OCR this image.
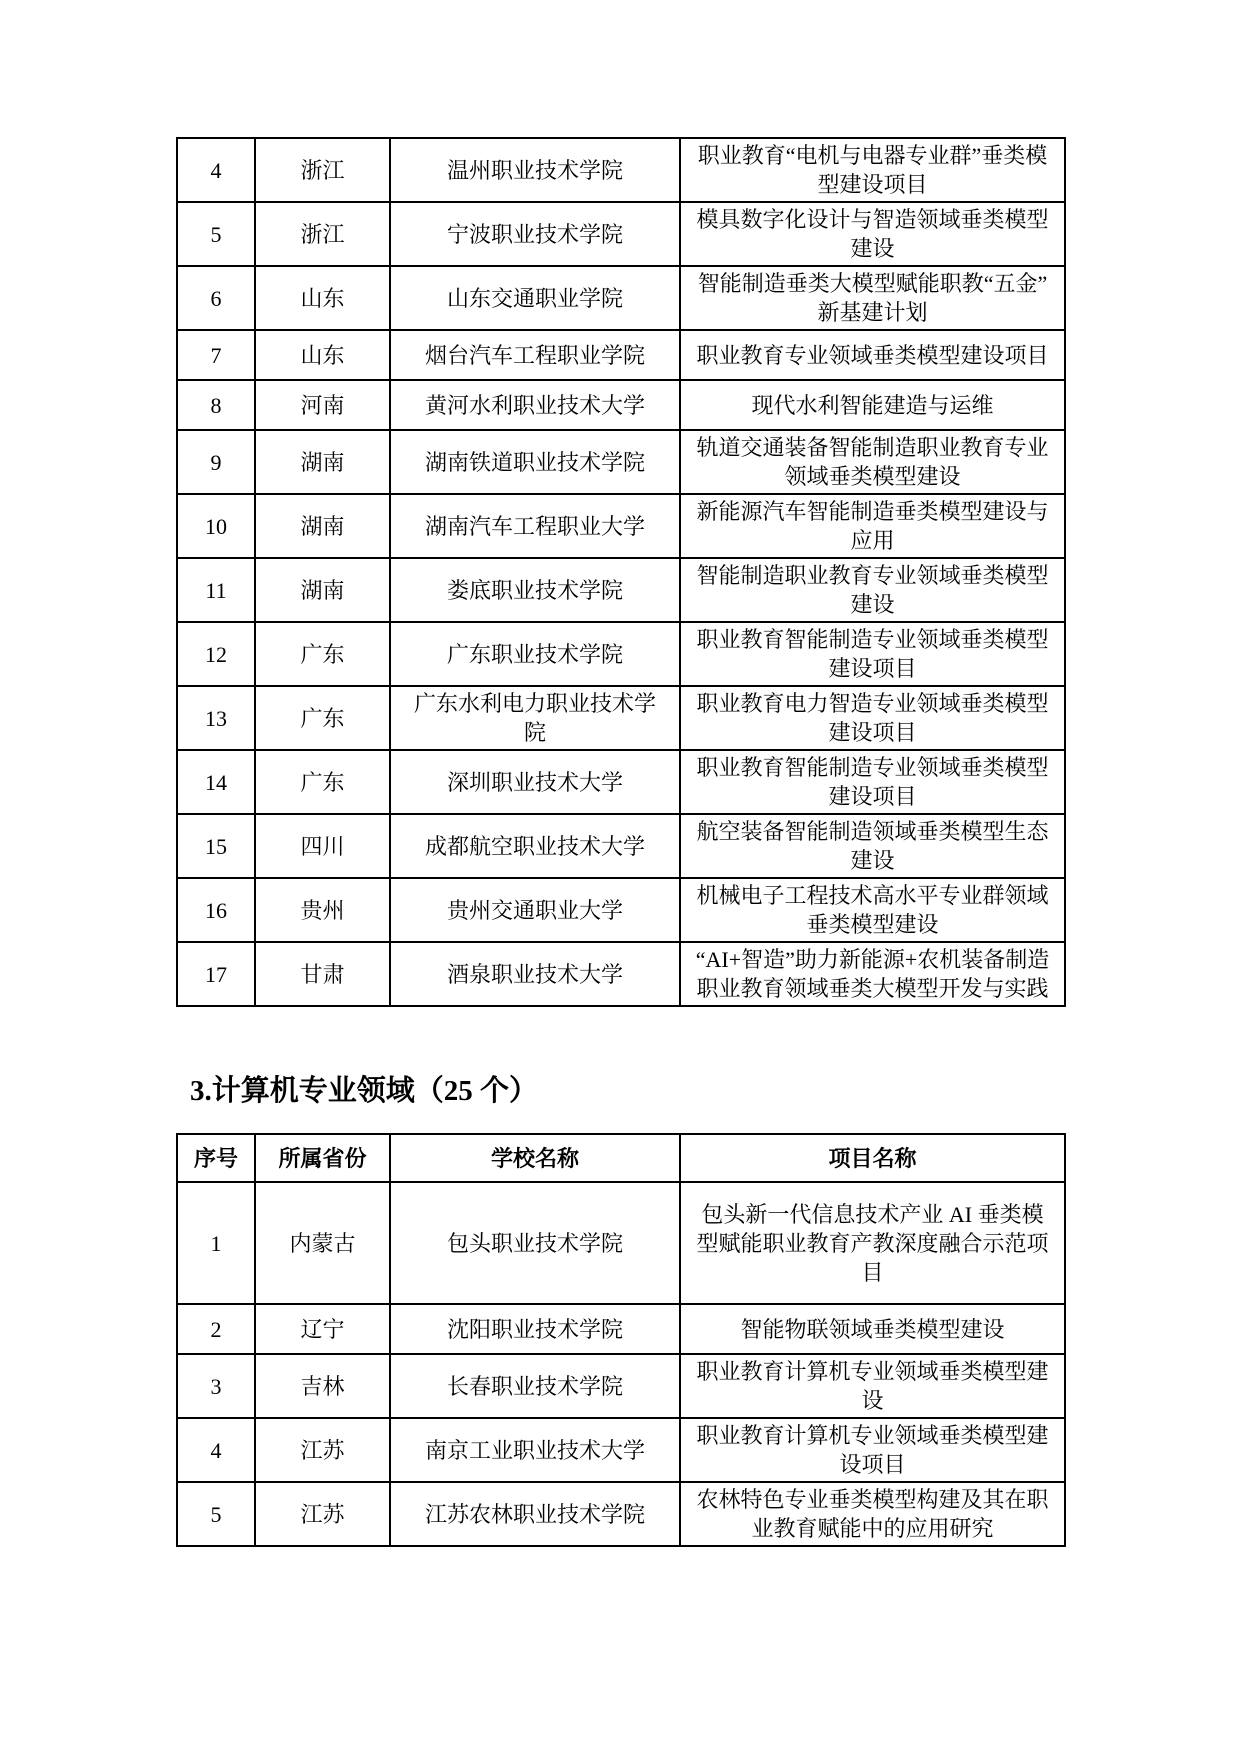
4	浙江	温州职业技术学院	职业教育“电机与电器专业群”垂类模型建设项目
5	浙江	宁波职业技术学院	模具数字化设计与智造领域垂类模型建设
6	山东	山东交通职业学院	智能制造垂类大模型赋能职教“五金”新基建计划
7	山东	烟台汽车工程职业学院	职业教育专业领域垂类模型建设项目
8	河南	黄河水利职业技术大学	现代水利智能建造与运维
9	湖南	湖南铁道职业技术学院	轨道交通装备智能制造职业教育专业领域垂类模型建设
10	湖南	湖南汽车工程职业大学	新能源汽车智能制造垂类模型建设与应用
11	湖南	娄底职业技术学院	智能制造职业教育专业领域垂类模型建设
12	广东	广东职业技术学院	职业教育智能制造专业领域垂类模型建设项目
13	广东	广东水利电力职业技术学院	职业教育电力智造专业领域垂类模型建设项目
14	广东	深圳职业技术大学	职业教育智能制造专业领域垂类模型建设项目
15	四川	成都航空职业技术大学	航空装备智能制造领域垂类模型生态建设
16	贵州	贵州交通职业大学	机械电子工程技术高水平专业群领域垂类模型建设
17	甘肃	酒泉职业技术大学	“AI+智造”助力新能源+农机装备制造职业教育领域垂类大模型开发与实践
3.计算机专业领域（25 个）
序号	所属省份	学校名称	项目名称
1	内蒙古	包头职业技术学院	包头新一代信息技术产业 AI 垂类模型赋能职业教育产教深度融合示范项目
2	辽宁	沈阳职业技术学院	智能物联领域垂类模型建设
3	吉林	长春职业技术学院	职业教育计算机专业领域垂类模型建设
4	江苏	南京工业职业技术大学	职业教育计算机专业领域垂类模型建设项目
5	江苏	江苏农林职业技术学院	农林特色专业垂类模型构建及其在职业教育赋能中的应用研究
